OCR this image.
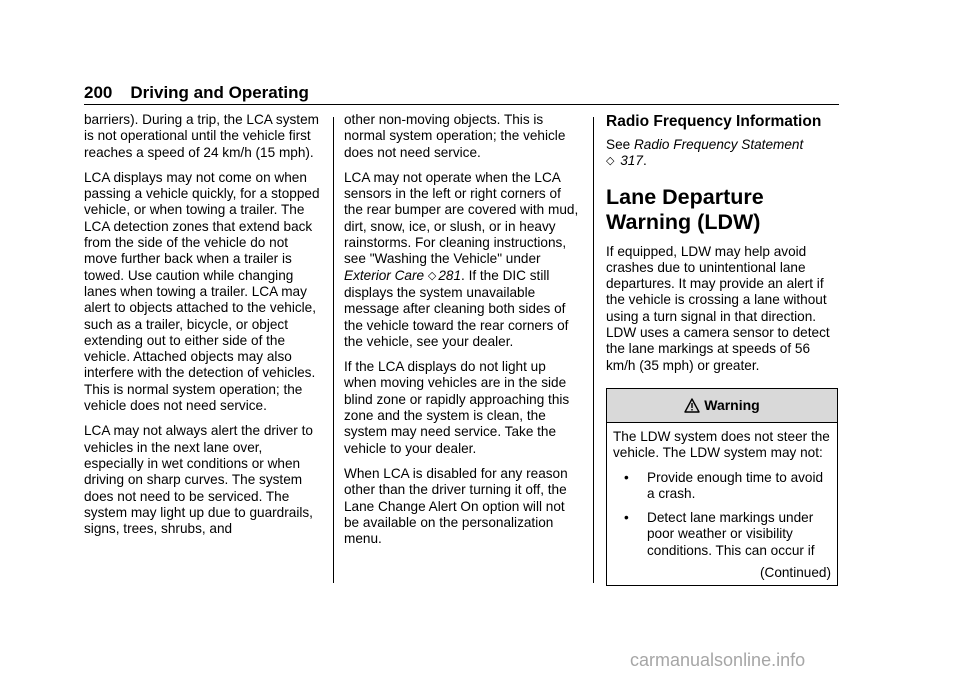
200 Driving and Operating

barriers). During a trip, the LCA system is not operational until the vehicle first reaches a speed of 24 km/h (15 mph).

LCA displays may not come on when passing a vehicle quickly, for a stopped vehicle, or when towing a trailer. The LCA detection zones that extend back from the side of the vehicle do not move further back when a trailer is towed. Use caution while changing lanes when towing a trailer. LCA may alert to objects attached to the vehicle, such as a trailer, bicycle, or object extending out to either side of the vehicle. Attached objects may also interfere with the detection of vehicles. This is normal system operation; the vehicle does not need service.

LCA may not always alert the driver to vehicles in the next lane over, especially in wet conditions or when driving on sharp curves. The system does not need to be serviced. The system may light up due to guardrails, signs, trees, shrubs, and

other non-moving objects. This is normal system operation; the vehicle does not need service.

LCA may not operate when the LCA sensors in the left or right corners of the rear bumper are covered with mud, dirt, snow, ice, or slush, or in heavy rainstorms. For cleaning instructions, see "Washing the Vehicle" under Exterior Care ◇ 281. If the DIC still displays the system unavailable message after cleaning both sides of the vehicle toward the rear corners of the vehicle, see your dealer.

If the LCA displays do not light up when moving vehicles are in the side blind zone or rapidly approaching this zone and the system is clean, the system may need service. Take the vehicle to your dealer.

When LCA is disabled for any reason other than the driver turning it off, the Lane Change Alert On option will not be available on the personalization menu.

Radio Frequency Information

See Radio Frequency Statement
◇ 317.

Lane Departure
Warning (LDW)

If equipped, LDW may help avoid crashes due to unintentional lane departures. It may provide an alert if the vehicle is crossing a lane without using a turn signal in that direction. LDW uses a camera sensor to detect the lane markings at speeds of 56 km/h (35 mph) or greater.

Warning

The LDW system does not steer the vehicle. The LDW system may not:

• Provide enough time to avoid a crash.
• Detect lane markings under poor weather or visibility conditions. This can occur if
(Continued)
carmanualsonline.info
